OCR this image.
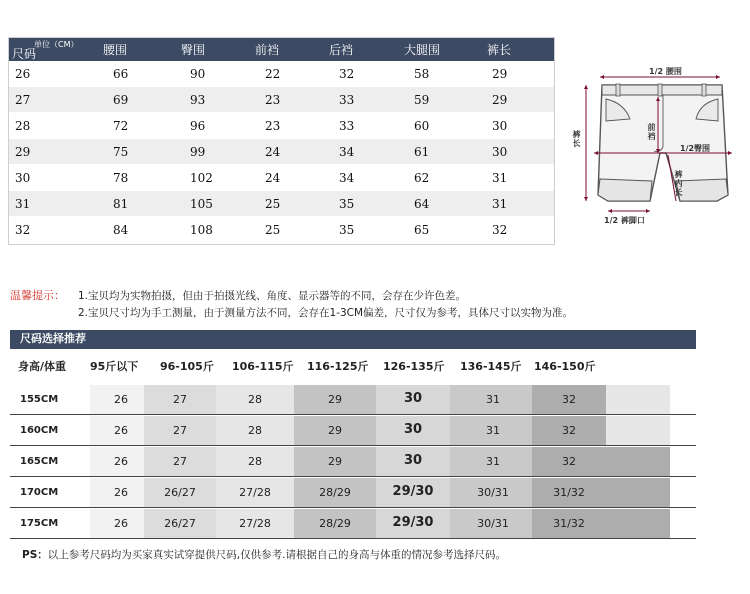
单位（CM）
尺码	腰围	臀围	前裆	后裆	大腿围	裤长
26	66	90	22	32	58	29
27	69	93	23	33	59	29
28	72	96	23	33	60	30
29	75	99	24	34	61	30
30	78	102	24	34	62	31
31	81	105	25	35	64	31
32	84	108	25	35	65	32
1/2 腰围
1/2臀围
1/2 裤脚口
前
裆
裤
长
裤
内
长
温馨提示： 1.宝贝均为实物拍摄，但由于拍摄光线、角度、显示器等的不同，会存在少许色差。
2.宝贝尺寸均为手工测量，由于测量方法不同，会存在1-3CM偏差，尺寸仅为参考，具体尺寸以实物为准。
尺码选择推荐
身高/体重 95斤以下 96-105斤 106-115斤 116-125斤 126-135斤 136-145斤 146-150斤
155CM	26	27	28	29	30	31	32
160CM	26	27	28	29	30	31	32
165CM	26	27	28	29	30	31	32
170CM	26	26/27	27/28	28/29	29/30	30/31	31/32
175CM	26	26/27	27/28	28/29	29/30	30/31	31/32
PS：以上参考尺码均为买家真实试穿提供尺码,仅供参考.请根据自己的身高与体重的情况参考选择尺码。
